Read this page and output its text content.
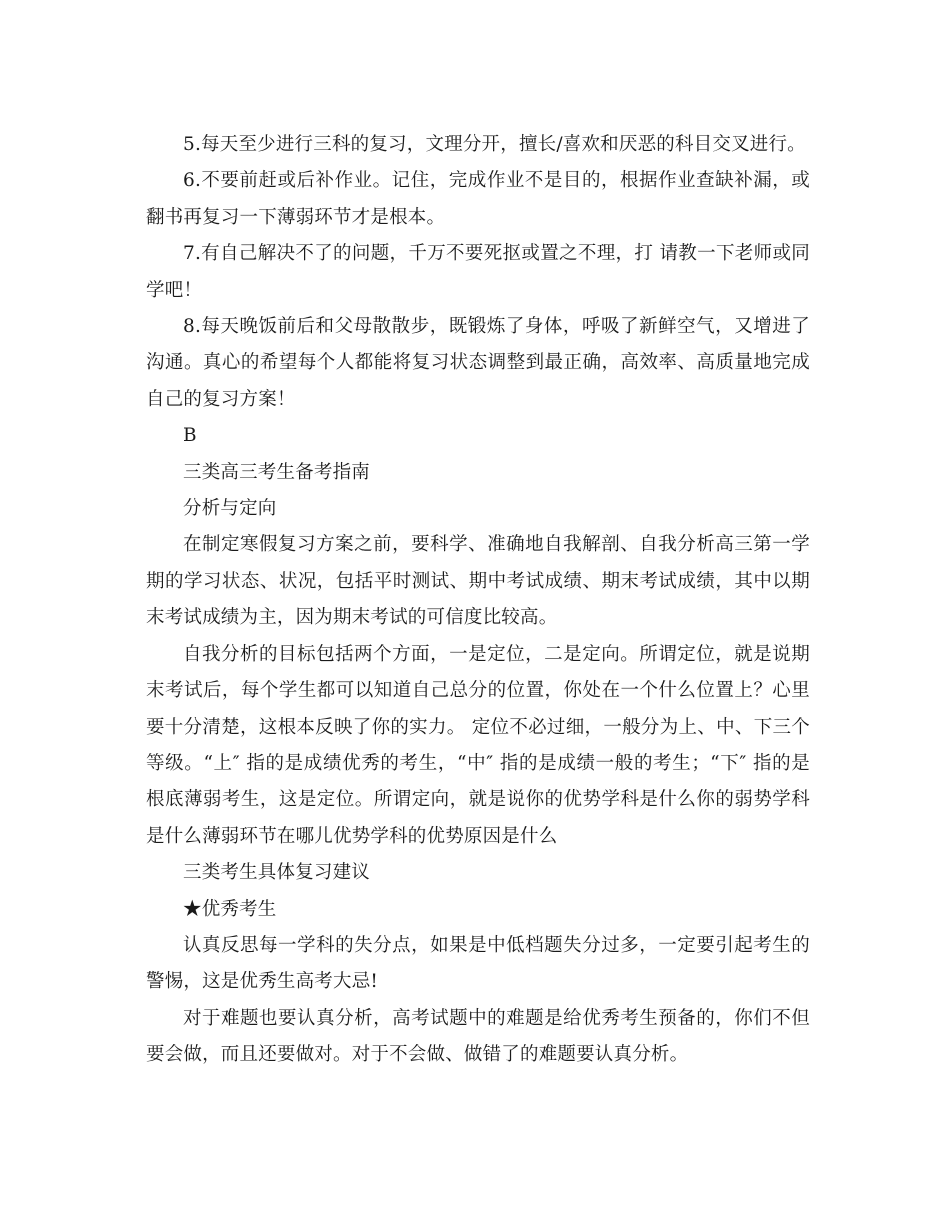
5.每天至少进行三科的复习，文理分开，擅长/喜欢和厌恶的科目交叉进行。

6.不要前赶或后补作业。记住，完成作业不是目的，根据作业查缺补漏，或翻书再复习一下薄弱环节才是根本。

7.有自己解决不了的问题，千万不要死抠或置之不理，打 请教一下老师或同学吧！

8.每天晚饭前后和父母散散步，既锻炼了身体，呼吸了新鲜空气，又增进了沟通。真心的希望每个人都能将复习状态调整到最正确，高效率、高质量地完成自己的复习方案！

B

三类高三考生备考指南

分析与定向

在制定寒假复习方案之前，要科学、准确地自我解剖、自我分析高三第一学期的学习状态、状况，包括平时测试、期中考试成绩、期末考试成绩，其中以期末考试成绩为主，因为期末考试的可信度比较高。

自我分析的目标包括两个方面，一是定位，二是定向。所谓定位，就是说期末考试后，每个学生都可以知道自己总分的位置，你处在一个什么位置上？心里要十分清楚，这根本反映了你的实力。 定位不必过细，一般分为上、中、下三个等级。“上″ 指的是成绩优秀的考生，“中″ 指的是成绩一般的考生；“下″ 指的是根底薄弱考生，这是定位。所谓定向，就是说你的优势学科是什么你的弱势学科是什么薄弱环节在哪儿优势学科的优势原因是什么

三类考生具体复习建议

★优秀考生

认真反思每一学科的失分点，如果是中低档题失分过多，一定要引起考生的警惕，这是优秀生高考大忌!

对于难题也要认真分析，高考试题中的难题是给优秀考生预备的，你们不但要会做，而且还要做对。对于不会做、做错了的难题要认真分析。
